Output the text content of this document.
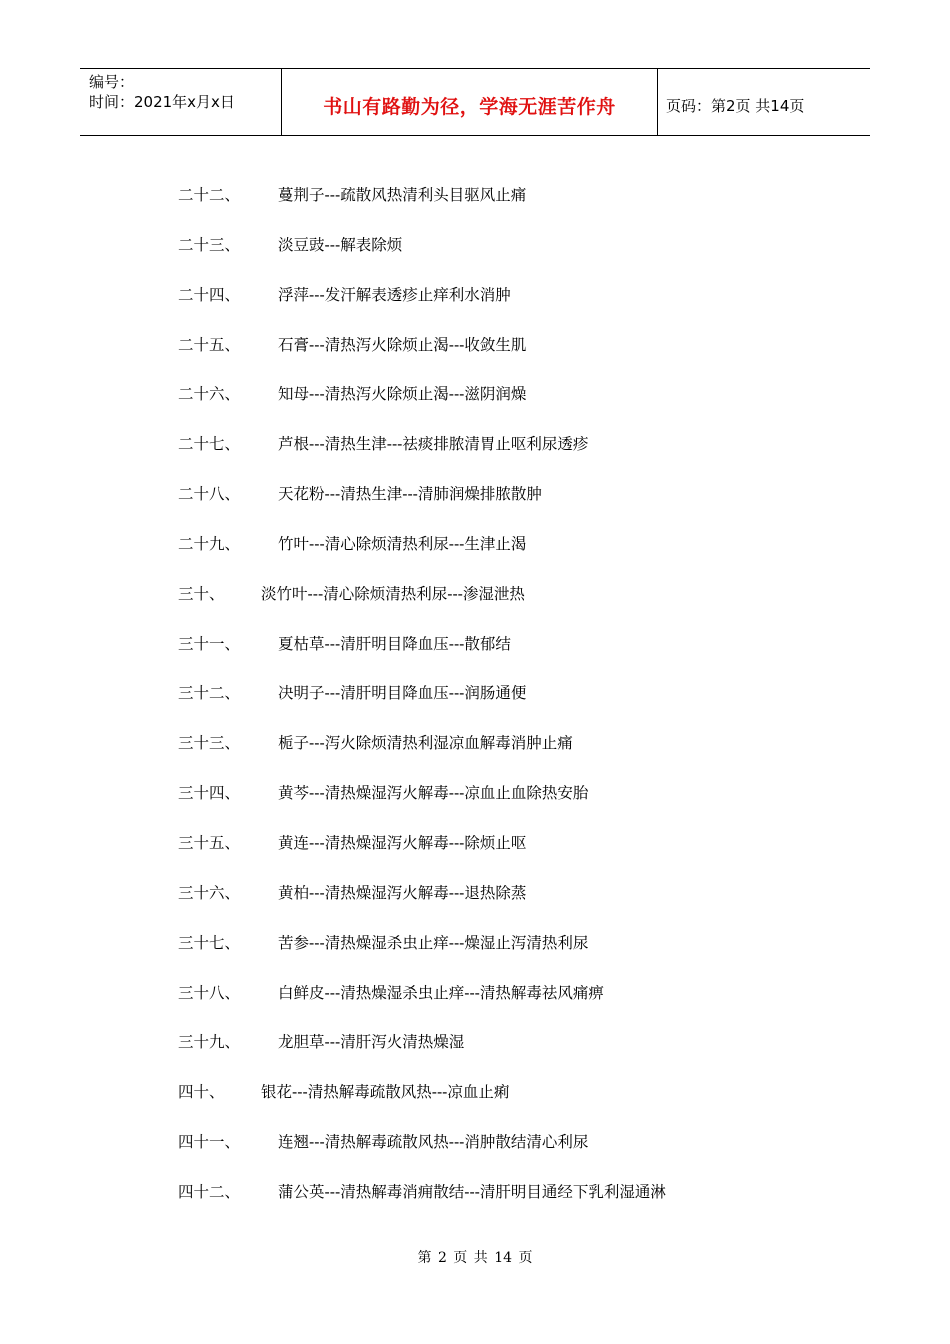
编号：
时间：2021年x月x日	书山有路勤为径，学海无涯苦作舟	页码：第2页 共14页
二十二、 蔓荆子---疏散风热清利头目驱风止痛
二十三、 淡豆豉---解表除烦
二十四、 浮萍---发汗解表透疹止痒利水消肿
二十五、 石膏---清热泻火除烦止渴---收敛生肌
二十六、 知母---清热泻火除烦止渴---滋阴润燥
二十七、 芦根---清热生津---祛痰排脓清胃止呕利尿透疹
二十八、 天花粉---清热生津---清肺润燥排脓散肿
二十九、 竹叶---清心除烦清热利尿---生津止渴
三十、 淡竹叶---清心除烦清热利尿---渗湿泄热
三十一、 夏枯草---清肝明目降血压---散郁结
三十二、 决明子---清肝明目降血压---润肠通便
三十三、 栀子---泻火除烦清热利湿凉血解毒消肿止痛
三十四、 黄芩---清热燥湿泻火解毒---凉血止血除热安胎
三十五、 黄连---清热燥湿泻火解毒---除烦止呕
三十六、 黄柏---清热燥湿泻火解毒---退热除蒸
三十七、 苦参---清热燥湿杀虫止痒---燥湿止泻清热利尿
三十八、 白鲜皮---清热燥湿杀虫止痒---清热解毒祛风痛痹
三十九、 龙胆草---清肝泻火清热燥湿
四十、 银花---清热解毒疏散风热---凉血止痢
四十一、 连翘---清热解毒疏散风热---消肿散结清心利尿
四十二、 蒲公英---清热解毒消痈散结---清肝明目通经下乳利湿通淋
第 2 页 共 14 页
